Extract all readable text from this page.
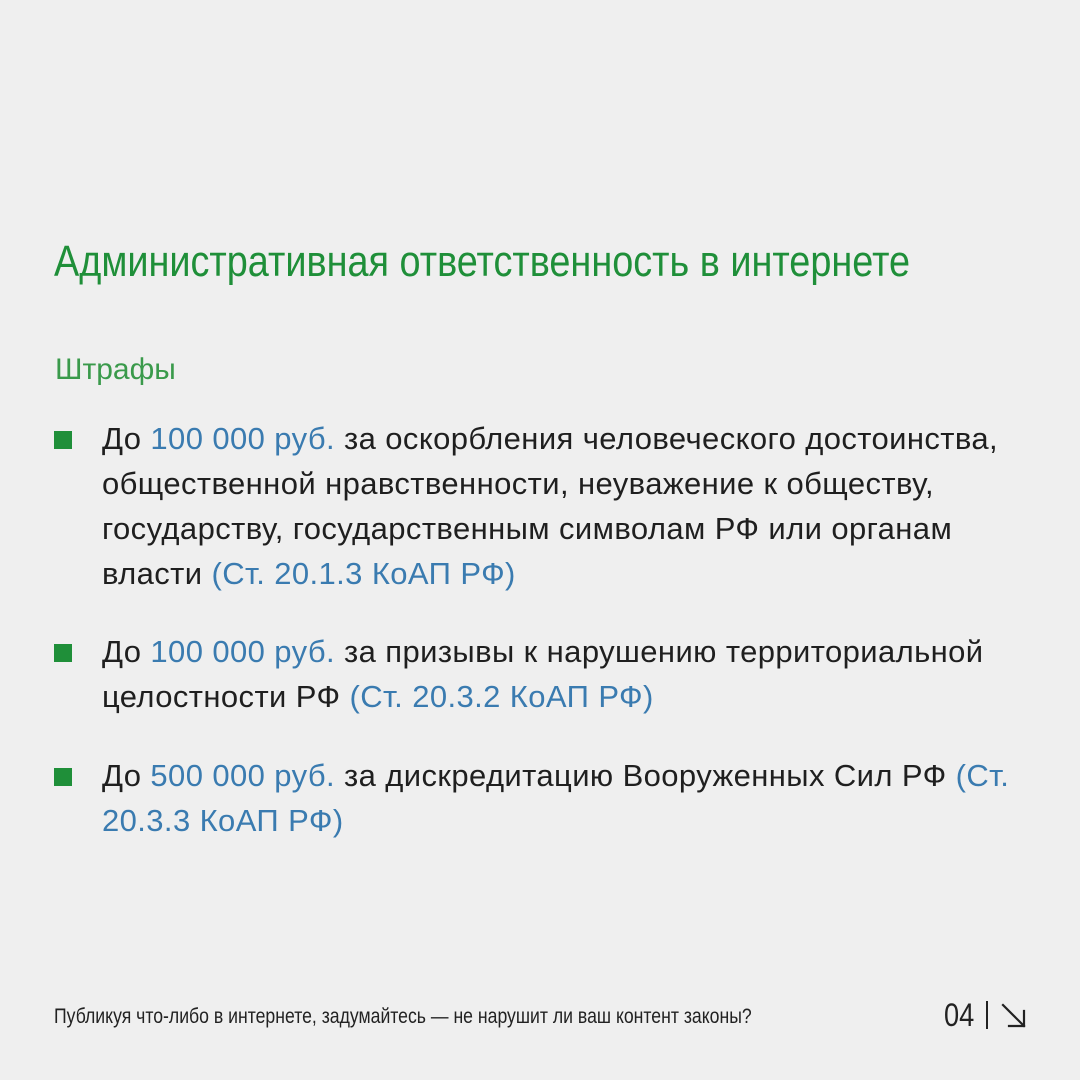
Административная ответственность в интернете
Штрафы
До 100 000 руб. за оскорбления человеческого достоинства, общественной нравственности, неуважение к обществу, государству, государственным символам РФ или органам власти (Ст. 20.1.3 КоАП РФ)
До 100 000 руб. за призывы к нарушению территориальной целостности РФ (Ст. 20.3.2 КоАП РФ)
До 500 000 руб. за дискредитацию Вооруженных Сил РФ (Ст. 20.3.3 КоАП РФ)
Публикуя что-либо в интернете, задумайтесь — не нарушит ли ваш контент законы?	04
